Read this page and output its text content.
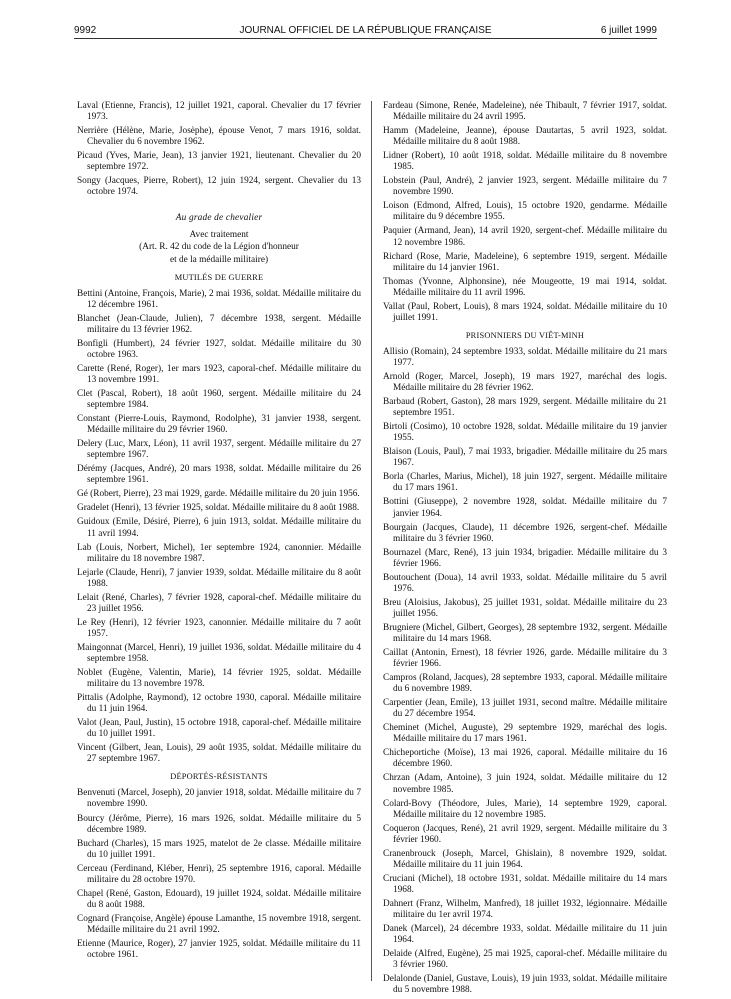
9992	JOURNAL OFFICIEL DE LA RÉPUBLIQUE FRANÇAISE	6 juillet 1999

Laval (Etienne, Francis), 12 juillet 1921, caporal. Chevalier du 17 février 1973.

Nerrière (Hélène, Marie, Josèphe), épouse Venot, 7 mars 1916, soldat. Chevalier du 6 novembre 1962.

Picaud (Yves, Marie, Jean), 13 janvier 1921, lieutenant. Chevalier du 20 septembre 1972.

Songy (Jacques, Pierre, Robert), 12 juin 1924, sergent. Chevalier du 13 octobre 1974.

Au grade de chevalier

Avec traitement

(Art. R. 42 du code de la Légion d'honneur

et de la médaille militaire)

MUTILÉS DE GUERRE

Bettini (Antoine, François, Marie), 2 mai 1936, soldat. Médaille militaire du 12 décembre 1961.

Blanchet (Jean-Claude, Julien), 7 décembre 1938, sergent. Médaille militaire du 13 février 1962.

Bonfigli (Humbert), 24 février 1927, soldat. Médaille militaire du 30 octobre 1963.

Carette (René, Roger), 1er mars 1923, caporal-chef. Médaille militaire du 13 novembre 1991.

Clet (Pascal, Robert), 18 août 1960, sergent. Médaille militaire du 24 septembre 1984.

Constant (Pierre-Louis, Raymond, Rodolphe), 31 janvier 1938, sergent. Médaille militaire du 29 février 1960.

Delery (Luc, Marx, Léon), 11 avril 1937, sergent. Médaille militaire du 27 septembre 1967.

Dérémy (Jacques, André), 20 mars 1938, soldat. Médaille militaire du 26 septembre 1961.

Gé (Robert, Pierre), 23 mai 1929, garde. Médaille militaire du 20 juin 1956.

Gradelet (Henri), 13 février 1925, soldat. Médaille militaire du 8 août 1988.

Guidoux (Emile, Désiré, Pierre), 6 juin 1913, soldat. Médaille militaire du 11 avril 1994.

Lab (Louis, Norbert, Michel), 1er septembre 1924, canonnier. Médaille militaire du 18 novembre 1987.

Lejarle (Claude, Henri), 7 janvier 1939, soldat. Médaille militaire du 8 août 1988.

Lelait (René, Charles), 7 février 1928, caporal-chef. Médaille militaire du 23 juillet 1956.

Le Rey (Henri), 12 février 1923, canonnier. Médaille militaire du 7 août 1957.

Maingonnat (Marcel, Henri), 19 juillet 1936, soldat. Médaille militaire du 4 septembre 1958.

Noblet (Eugène, Valentin, Marie), 14 février 1925, soldat. Médaille militaire du 13 novembre 1978.

Pittalis (Adolphe, Raymond), 12 octobre 1930, caporal. Médaille militaire du 11 juin 1964.

Valot (Jean, Paul, Justin), 15 octobre 1918, caporal-chef. Médaille militaire du 10 juillet 1991.

Vincent (Gilbert, Jean, Louis), 29 août 1935, soldat. Médaille militaire du 27 septembre 1967.

DÉPORTÉS-RÉSISTANTS

Benvenuti (Marcel, Joseph), 20 janvier 1918, soldat. Médaille militaire du 7 novembre 1990.

Bourcy (Jérôme, Pierre), 16 mars 1926, soldat. Médaille militaire du 5 décembre 1989.

Buchard (Charles), 15 mars 1925, matelot de 2e classe. Médaille militaire du 10 juillet 1991.

Cerceau (Ferdinand, Kléber, Henri), 25 septembre 1916, caporal. Médaille militaire du 28 octobre 1970.

Chapel (René, Gaston, Edouard), 19 juillet 1924, soldat. Médaille militaire du 8 août 1988.

Cognard (Françoise, Angèle) épouse Lamanthe, 15 novembre 1918, sergent. Médaille militaire du 21 avril 1992.

Etienne (Maurice, Roger), 27 janvier 1925, soldat. Médaille militaire du 11 octobre 1961.

Fardeau (Simone, Renée, Madeleine), née Thibault, 7 février 1917, soldat. Médaille militaire du 24 avril 1995.

Hamm (Madeleine, Jeanne), épouse Dautartas, 5 avril 1923, soldat. Médaille militaire du 8 août 1988.

Lidner (Robert), 10 août 1918, soldat. Médaille militaire du 8 novembre 1985.

Lobstein (Paul, André), 2 janvier 1923, sergent. Médaille militaire du 7 novembre 1990.

Loison (Edmond, Alfred, Louis), 15 octobre 1920, gendarme. Médaille militaire du 9 décembre 1955.

Paquier (Armand, Jean), 14 avril 1920, sergent-chef. Médaille militaire du 12 novembre 1986.

Richard (Rose, Marie, Madeleine), 6 septembre 1919, sergent. Médaille militaire du 14 janvier 1961.

Thomas (Yvonne, Alphonsine), née Mougeotte, 19 mai 1914, soldat. Médaille militaire du 11 avril 1996.

Vallat (Paul, Robert, Louis), 8 mars 1924, soldat. Médaille militaire du 10 juillet 1991.

PRISONNIERS DU VIÊT-MINH

Allisio (Romain), 24 septembre 1933, soldat. Médaille militaire du 21 mars 1977.

Arnold (Roger, Marcel, Joseph), 19 mars 1927, maréchal des logis. Médaille militaire du 28 février 1962.

Barbaud (Robert, Gaston), 28 mars 1929, sergent. Médaille militaire du 21 septembre 1951.

Birtoli (Cosimo), 10 octobre 1928, soldat. Médaille militaire du 19 janvier 1955.

Blaison (Louis, Paul), 7 mai 1933, brigadier. Médaille militaire du 25 mars 1967.

Borla (Charles, Marius, Michel), 18 juin 1927, sergent. Médaille militaire du 17 mars 1961.

Bottini (Giuseppe), 2 novembre 1928, soldat. Médaille militaire du 7 janvier 1964.

Bourgain (Jacques, Claude), 11 décembre 1926, sergent-chef. Médaille militaire du 3 février 1960.

Bournazel (Marc, René), 13 juin 1934, brigadier. Médaille militaire du 3 février 1966.

Boutouchent (Doua), 14 avril 1933, soldat. Médaille militaire du 5 avril 1976.

Breu (Aloisius, Jakobus), 25 juillet 1931, soldat. Médaille militaire du 23 juillet 1956.

Brugniere (Michel, Gilbert, Georges), 28 septembre 1932, sergent. Médaille militaire du 14 mars 1968.

Caillat (Antonin, Ernest), 18 février 1926, garde. Médaille militaire du 3 février 1966.

Campros (Roland, Jacques), 28 septembre 1933, caporal. Médaille militaire du 6 novembre 1989.

Carpentier (Jean, Emile), 13 juillet 1931, second maître. Médaille militaire du 27 décembre 1954.

Cheminet (Michel, Auguste), 29 septembre 1929, maréchal des logis. Médaille militaire du 17 mars 1961.

Chicheportiche (Moïse), 13 mai 1926, caporal. Médaille militaire du 16 décembre 1960.

Chrzan (Adam, Antoine), 3 juin 1924, soldat. Médaille militaire du 12 novembre 1985.

Colard-Bovy (Théodore, Jules, Marie), 14 septembre 1929, caporal. Médaille militaire du 12 novembre 1985.

Coqueron (Jacques, René), 21 avril 1929, sergent. Médaille militaire du 3 février 1960.

Cranenbrouck (Joseph, Marcel, Ghislain), 8 novembre 1929, soldat. Médaille militaire du 11 juin 1964.

Cruciani (Michel), 18 octobre 1931, soldat. Médaille militaire du 14 mars 1968.

Dahnert (Franz, Wilhelm, Manfred), 18 juillet 1932, légionnaire. Médaille militaire du 1er avril 1974.

Danek (Marcel), 24 décembre 1933, soldat. Médaille militaire du 11 juin 1964.

Delaide (Alfred, Eugène), 25 mai 1925, caporal-chef. Médaille militaire du 3 février 1960.

Delalonde (Daniel, Gustave, Louis), 19 juin 1933, soldat. Médaille militaire du 5 novembre 1988.
